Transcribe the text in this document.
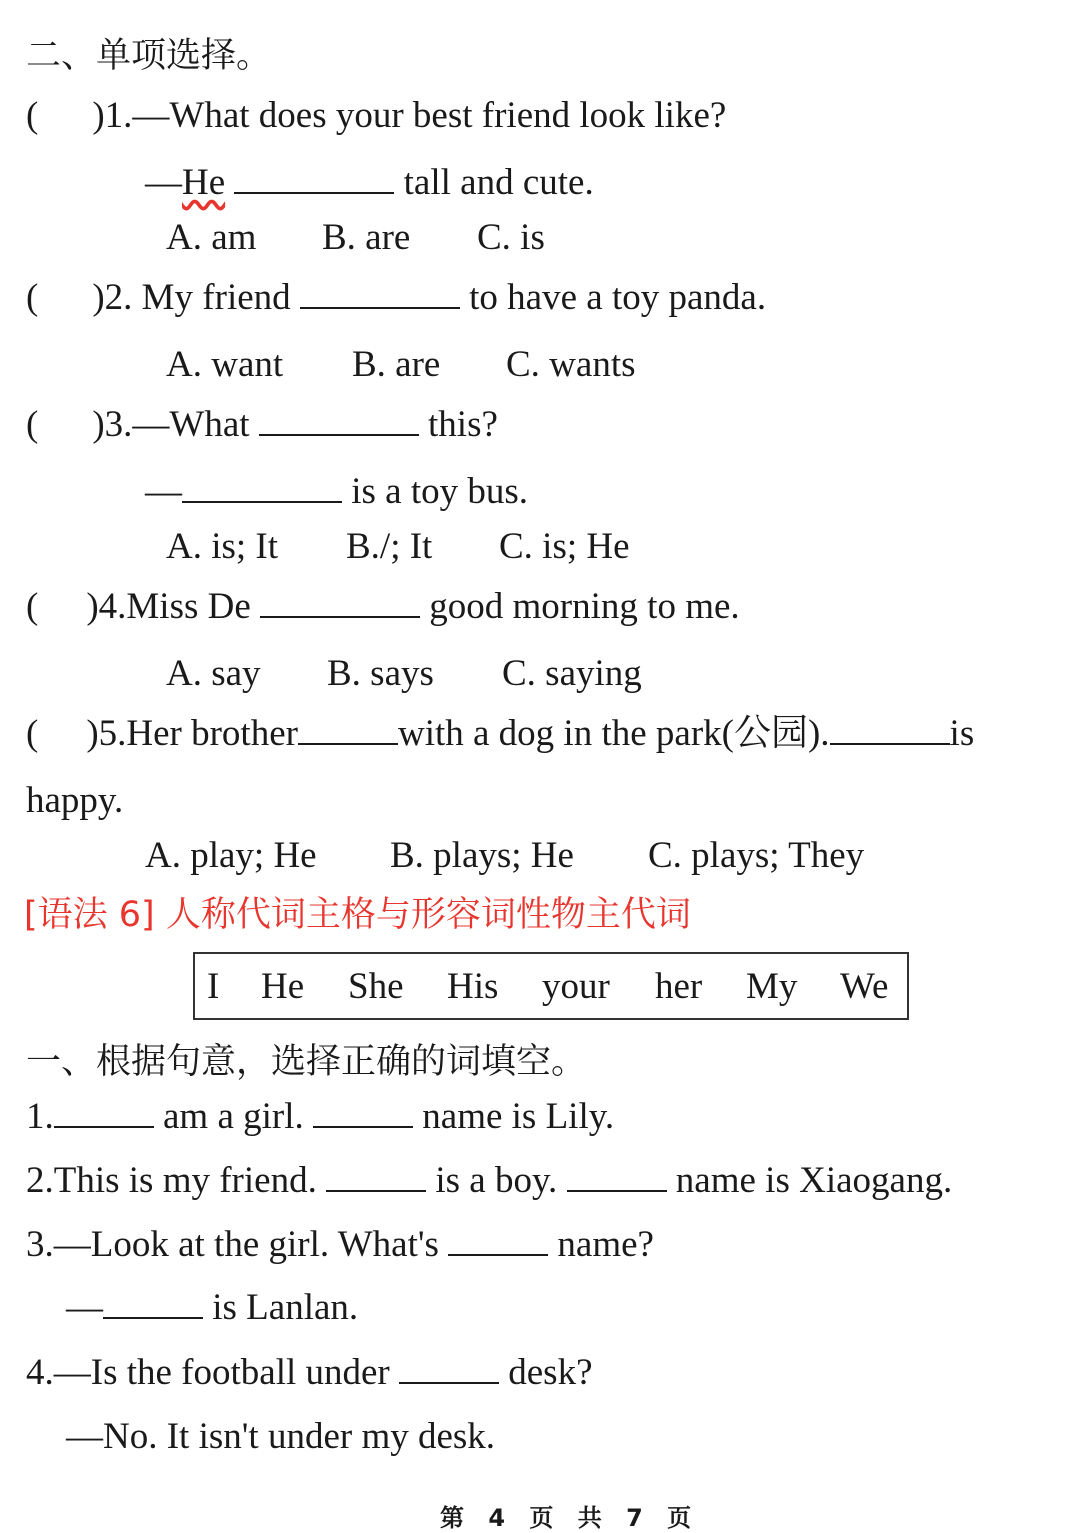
二、单项选择。
( )1.—What does your best friend look like?
—He	tall and cute.
A. am B. are C. is
( )2. My friend	to have a toy panda.
A. want B. are C. wants
( )3.—What	this?
—	is a toy bus.
A. is; It B./; It C. is; He
( )4.Miss De	good morning to me.
A. say B. says C. saying
( )5.Her brother	with a dog in the park(公园).	is
happy.
A. play; He B. plays; He C. plays; They
[语法 6] 人称代词主格与形容词性物主代词
I He She His your her My We
一、根据句意，选择正确的词填空。
1.	am a girl.	name is Lily.
2.This is my friend.	is a boy.	name is Xiaogang.
3.—Look at the girl. What's	name?
—	is Lanlan.
4.—Is the football under	desk?
—No. It isn't under my desk.
第 4 页 共 7 页
